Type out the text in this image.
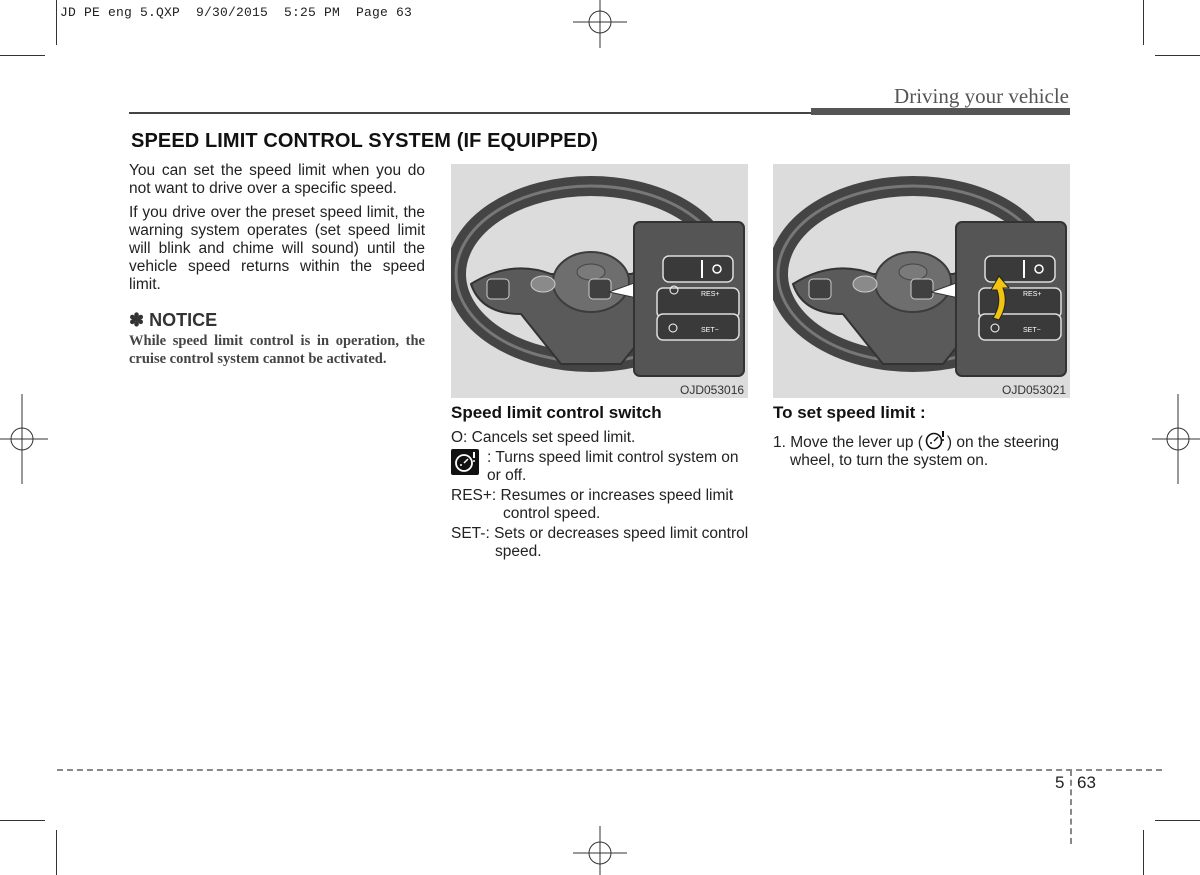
JD PE eng 5.QXP  9/30/2015  5:25 PM  Page 63
Driving your vehicle
SPEED LIMIT CONTROL SYSTEM (IF EQUIPPED)

You can set the speed limit when you do not want to drive over a specific speed.

If you drive over the preset speed limit, the warning system operates (set speed limit will blink and chime will sound) until the vehicle speed returns within the speed limit.

✽ NOTICE
While speed limit control is in operation, the cruise control system cannot be activated.
RES+
SET−
OJD053016
RES+
SET−
OJD053021
Speed limit control switch
O: Cancels set speed limit.
: Turns speed limit control system on or off.
RES+: Resumes or increases speed limit control speed.
SET-: Sets or decreases speed limit control speed.
To set speed limit :
1. Move the lever up ( ) on the steering wheel, to turn the system on.
5 63
